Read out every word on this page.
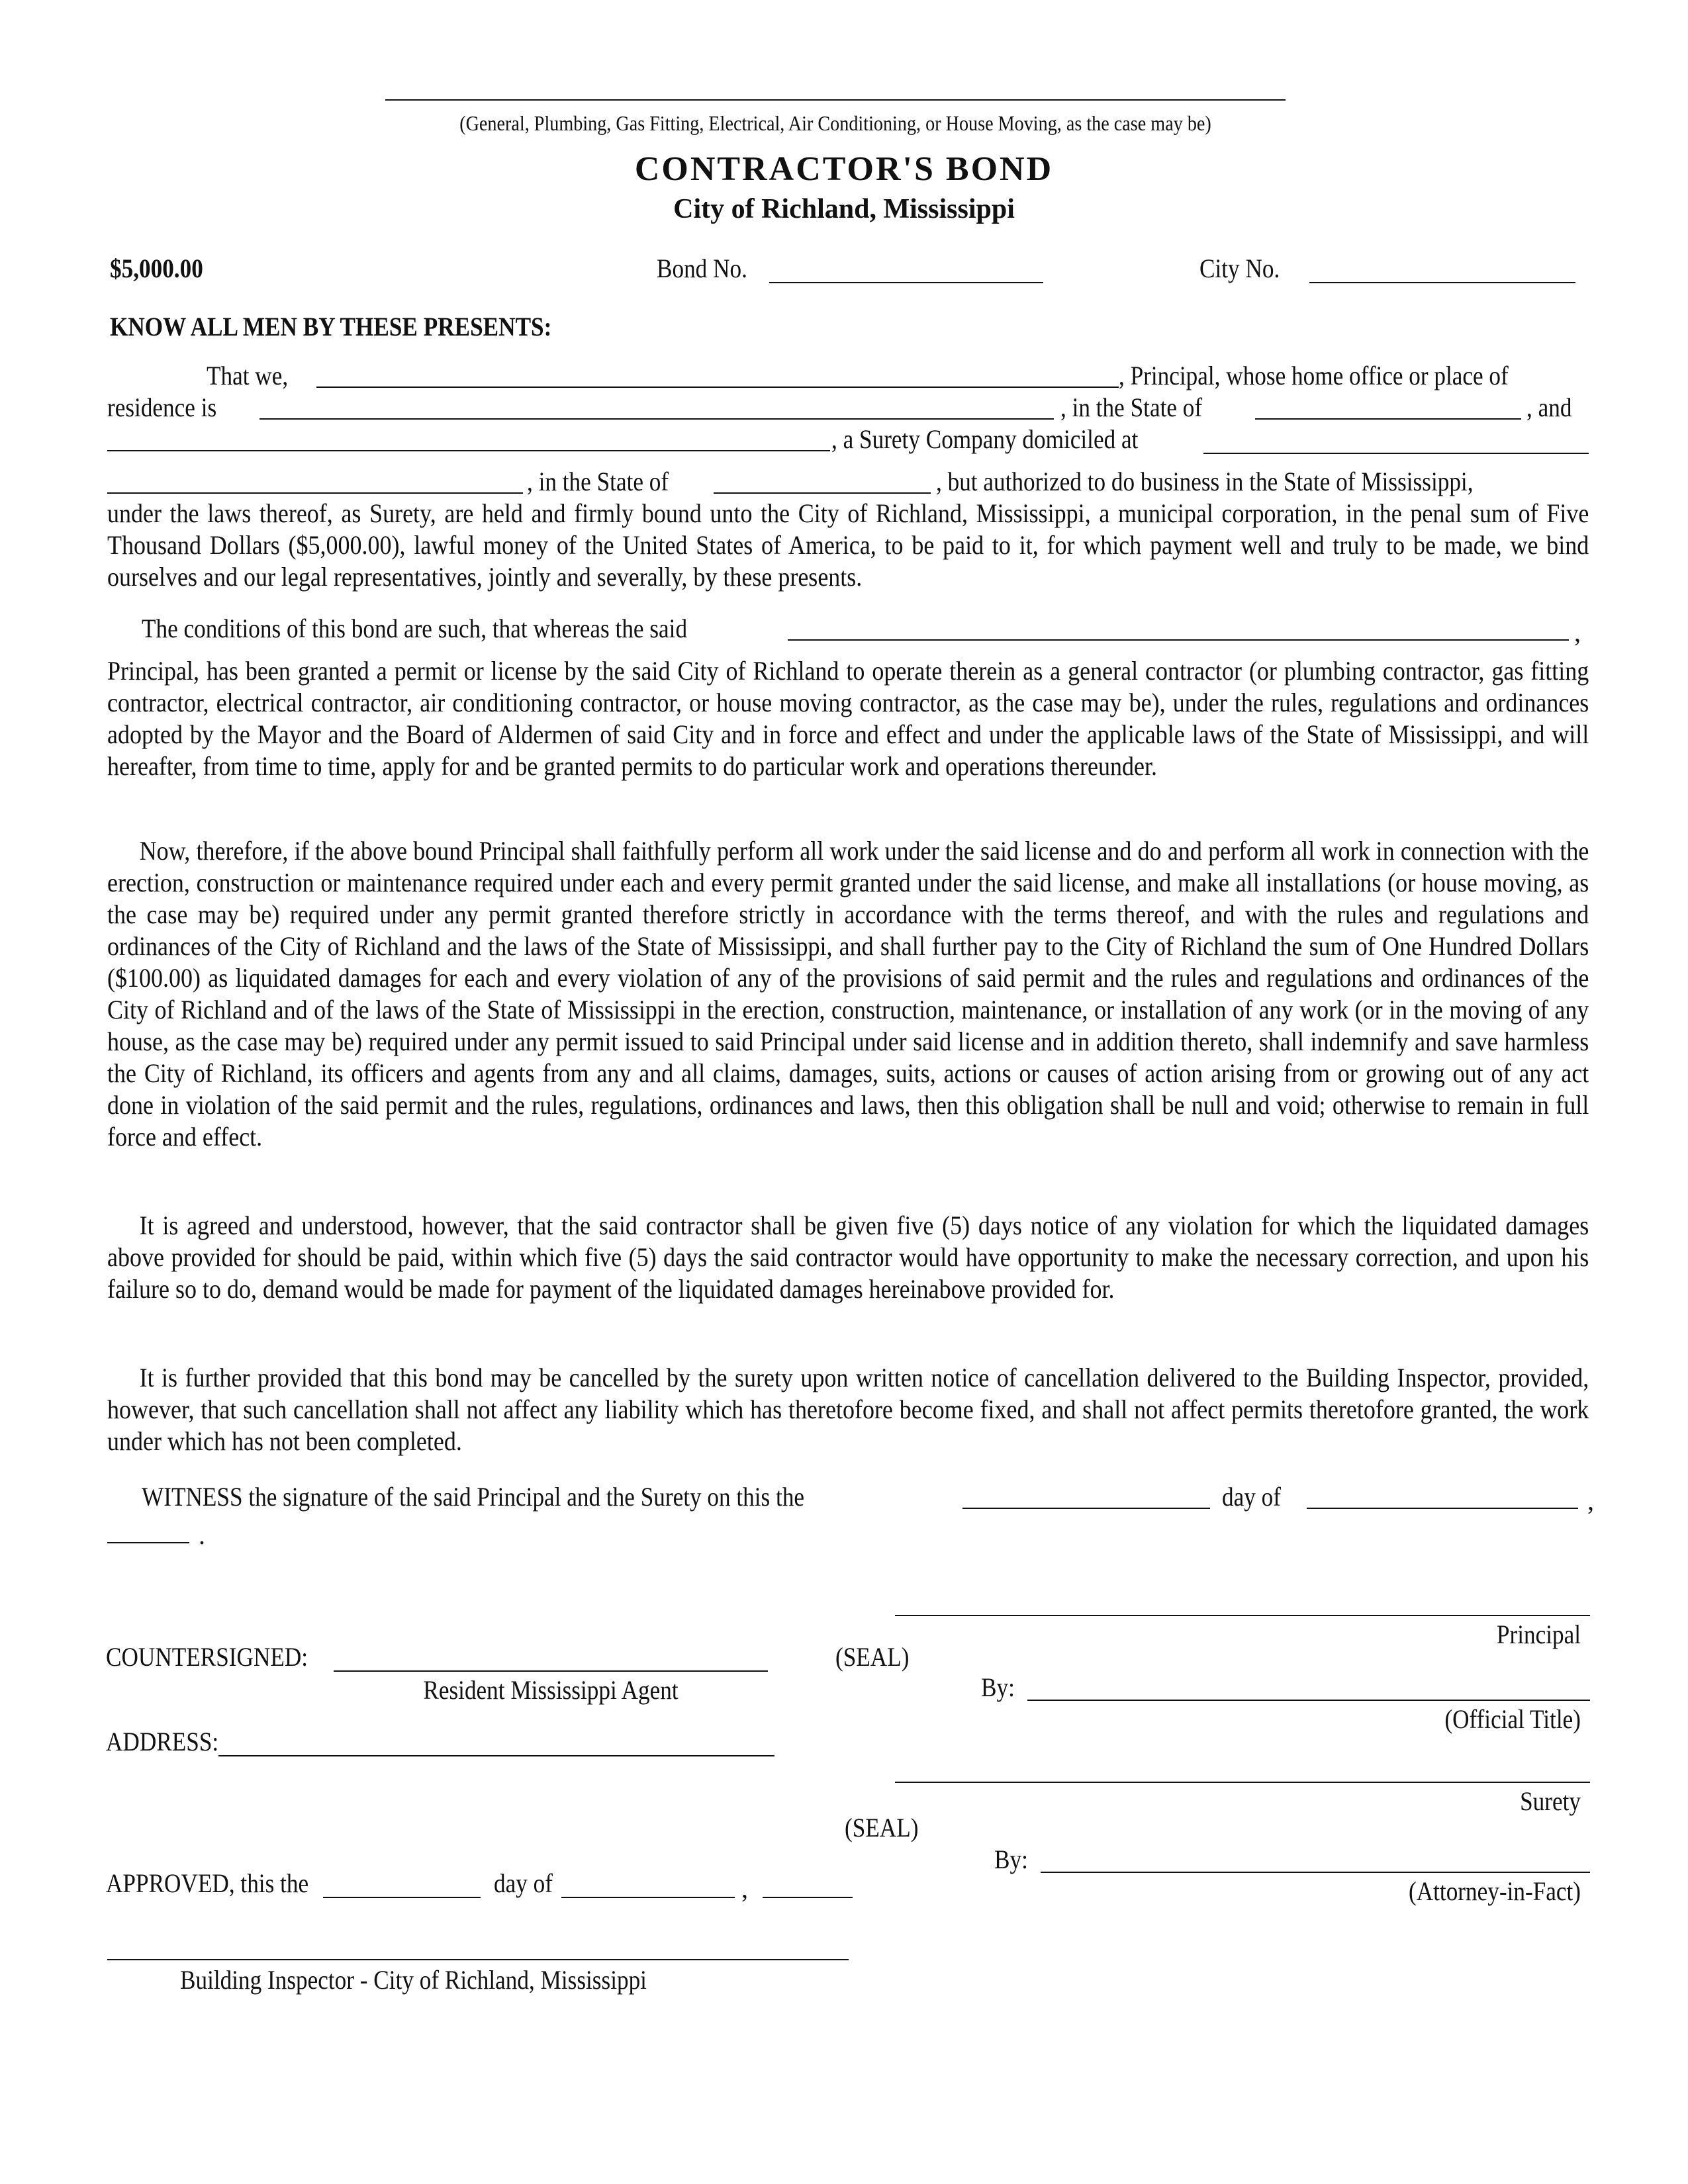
(General, Plumbing, Gas Fitting, Electrical, Air Conditioning, or House Moving, as the case may be)
CONTRACTOR'S BOND
City of Richland, Mississippi
$5,000.00	Bond No.	City No.
KNOW ALL MEN BY THESE PRESENTS:
That we,	, Principal, whose home office or place of
residence is	, in the State of	, and
, a Surety Company domiciled at
, in the State of	, but authorized to do business in the State of Mississippi,
under the laws thereof, as Surety, are held and firmly bound unto the City of Richland, Mississippi, a municipal corporation, in the penal sum of Five Thousand Dollars ($5,000.00), lawful money of the United States of America, to be paid to it, for which payment well and truly to be made, we bind ourselves and our legal representatives, jointly and severally, by these presents.
The conditions of this bond are such, that whereas the said	,
Principal, has been granted a permit or license by the said City of Richland to operate therein as a general contractor (or plumbing contractor, gas fitting contractor, electrical contractor, air conditioning contractor, or house moving contractor, as the case may be), under the rules, regulations and ordinances adopted by the Mayor and the Board of Aldermen of said City and in force and effect and under the applicable laws of the State of Mississippi, and will hereafter, from time to time, apply for and be granted permits to do particular work and operations thereunder.
Now, therefore, if the above bound Principal shall faithfully perform all work under the said license and do and perform all work in connection with the erection, construction or maintenance required under each and every permit granted under the said license, and make all installations (or house moving, as the case may be) required under any permit granted therefore strictly in accordance with the terms thereof, and with the rules and regulations and ordinances of the City of Richland and the laws of the State of Mississippi, and shall further pay to the City of Richland the sum of One Hundred Dollars ($100.00) as liquidated damages for each and every violation of any of the provisions of said permit and the rules and regulations and ordinances of the City of Richland and of the laws of the State of Mississippi in the erection, construction, maintenance, or installation of any work (or in the moving of any house, as the case may be) required under any permit issued to said Principal under said license and in addition thereto, shall indemnify and save harmless the City of Richland, its officers and agents from any and all claims, damages, suits, actions or causes of action arising from or growing out of any act done in violation of the said permit and the rules, regulations, ordinances and laws, then this obligation shall be null and void; otherwise to remain in full force and effect.
It is agreed and understood, however, that the said contractor shall be given five (5) days notice of any violation for which the liquidated damages above provided for should be paid, within which five (5) days the said contractor would have opportunity to make the necessary correction, and upon his failure so to do, demand would be made for payment of the liquidated damages hereinabove provided for.
It is further provided that this bond may be cancelled by the surety upon written notice of cancellation delivered to the Building Inspector, provided, however, that such cancellation shall not affect any liability which has theretofore become fixed, and shall not affect permits theretofore granted, the work under which has not been completed.
WITNESS the signature of the said Principal and the Surety on this the	day of	,
.
Principal
COUNTERSIGNED:
Resident Mississippi Agent
(SEAL)
By:
(Official Title)
ADDRESS:
Surety
(SEAL)
By:
(Attorney-in-Fact)
APPROVED, this the	day of	,
Building Inspector - City of Richland, Mississippi
